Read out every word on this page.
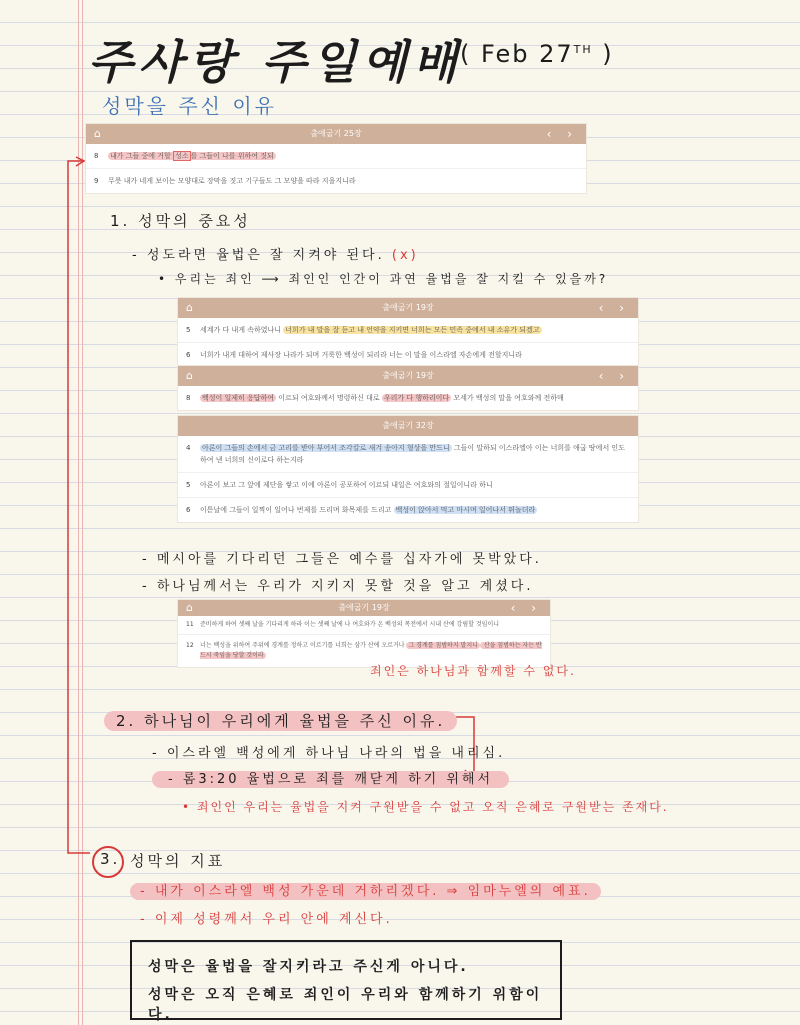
주사랑 주일예배
( Feb 27TH )
성막을 주신 이유
⌂	출애굽기 25장	‹ ›
8 내가 그들 중에 거할 성소 를 그들이 나를 위하여 짓되
9 무릇 내가 네게 보이는 모양대로 장막을 짓고 기구들도 그 모양을 따라 지을지니라
1. 성막의 중요성
- 성도라면 율법은 잘 지켜야 된다. (x)
• 우리는 죄인 ⟶ 죄인인 인간이 과연 율법을 잘 지킬 수 있을까?
⌂	출애굽기 19장	‹ ›
5 세계가 다 내게 속하였나니 너희가 내 말을 잘 듣고 내 언약을 지키면 너희는 모든 민족 중에서 내 소유가 되겠고
6 너희가 내게 대하여 제사장 나라가 되며 거룩한 백성이 되리라 너는 이 말을 이스라엘 자손에게 전할지니라
⌂	출애굽기 19장	‹ ›
8 백성이 일제히 응답하여 이르되 여호와께서 명령하신 대로 우리가 다 행하리이다 모세가 백성의 말을 여호와께 전하매
출애굽기 32장
4 아론이 그들의 손에서 금 고리를 받아 부어서 조각칼로 새겨 송아지 형상을 만드니 그들이 말하되 이스라엘아 이는 너희를 애굽 땅에서 인도하여 낸 너희의 신이로다 하는지라
5 아론이 보고 그 앞에 제단을 쌓고 이에 아론이 공포하여 이르되 내일은 여호와의 절일이니라 하니
6 이튿날에 그들이 일찍이 일어나 번제를 드리며 화목제를 드리고 백성이 앉아서 먹고 마시며 일어나서 뛰놀더라
- 메시아를 기다리던 그들은 예수를 십자가에 못박았다.
- 하나님께서는 우리가 지키지 못할 것을 알고 계셨다.
⌂	출애굽기 19장	‹ ›
11 준비하게 하여 셋째 날을 기다리게 하라 이는 셋째 날에 나 여호와가 온 백성의 목전에서 시내 산에 강림할 것임이니
12 너는 백성을 위하여 주위에 경계를 정하고 이르기를 너희는 삼가 산에 오르거나 그 경계를 침범하지 말지니 산을 침범하는 자는 반드시 죽임을 당할 것이라
죄인은 하나님과 함께할 수 없다.
2. 하나님이 우리에게 율법을 주신 이유.
- 이스라엘 백성에게 하나님 나라의 법을 내리심.
- 롬3:20 율법으로 죄를 깨닫게 하기 위해서
• 죄인인 우리는 율법을 지켜 구원받을 수 없고 오직 은혜로 구원받는 존재다.
3. 성막의 지표
- 내가 이스라엘 백성 가운데 거하리겠다. ⇒ 임마누엘의 예표.
- 이제 성령께서 우리 안에 계신다.
성막은 율법을 잘지키라고 주신게 아니다.
성막은 오직 은혜로 죄인이 우리와 함께하기 위함이다.
